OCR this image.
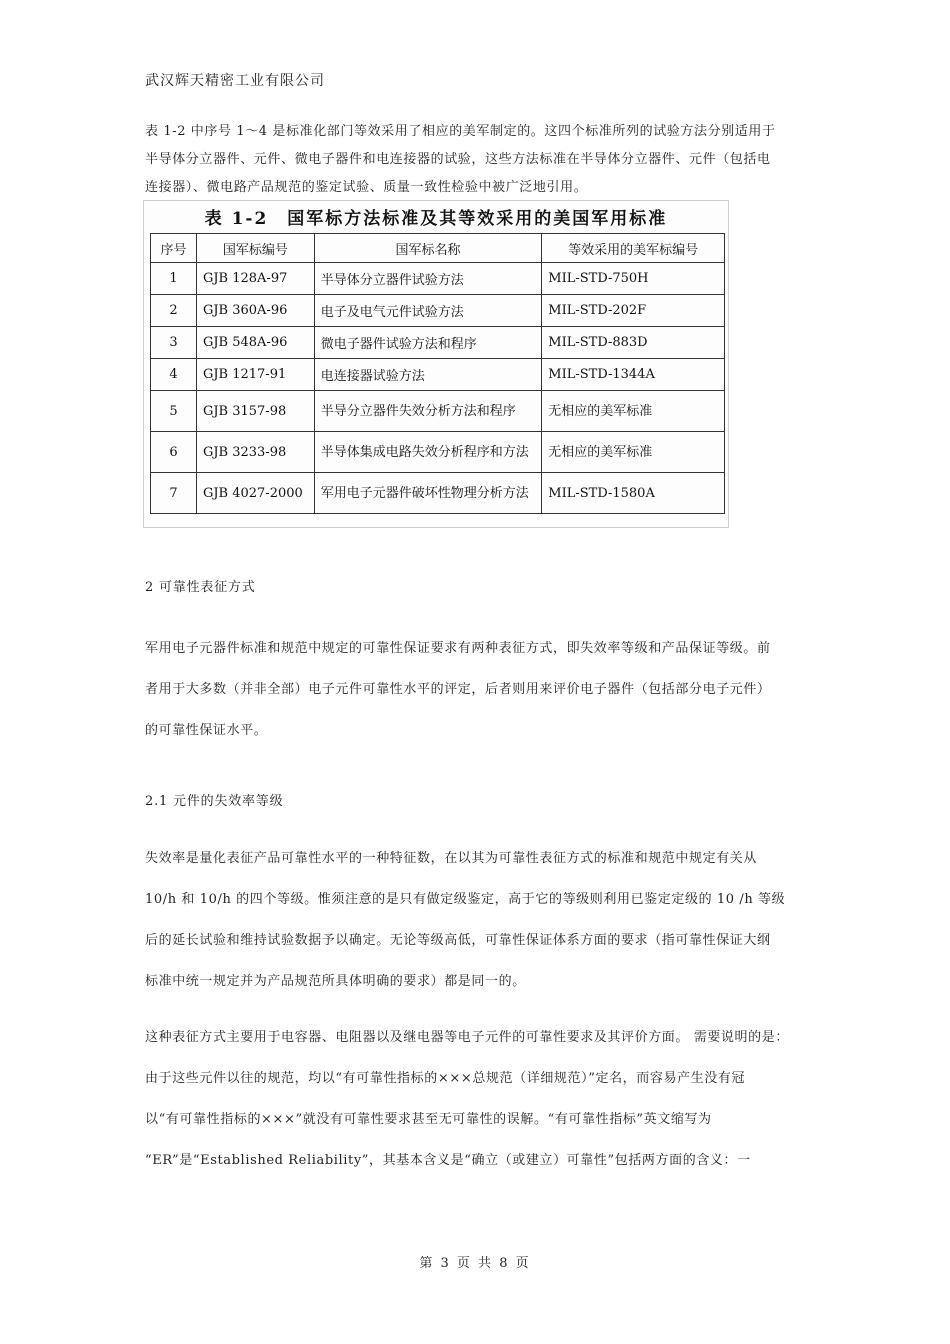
武汉辉天精密工业有限公司
表 1-2 中序号 1～4 是标准化部门等效采用了相应的美军制定的。这四个标准所列的试验方法分别适用于
半导体分立器件、元件、微电子器件和电连接器的试验，这些方法标准在半导体分立器件、元件（包括电
连接器）、微电路产品规范的鉴定试验、质量一致性检验中被广泛地引用。
表 1-2　国军标方法标准及其等效采用的美国军用标准
序号	国军标编号	国军标名称	等效采用的美军标编号
1	GJB 128A-97	半导体分立器件试验方法	MIL-STD-750H
2	GJB 360A-96	电子及电气元件试验方法	MIL-STD-202F
3	GJB 548A-96	微电子器件试验方法和程序	MIL-STD-883D
4	GJB 1217-91	电连接器试验方法	MIL-STD-1344A
5	GJB 3157-98	半导分立器件失效分析方法和程序	无相应的美军标准
6	GJB 3233-98	半导体集成电路失效分析程序和方法	无相应的美军标准
7	GJB 4027-2000	军用电子元器件破坏性物理分析方法	MIL-STD-1580A
2 可靠性表征方式
军用电子元器件标准和规范中规定的可靠性保证要求有两种表征方式，即失效率等级和产品保证等级。前
者用于大多数（并非全部）电子元件可靠性水平的评定，后者则用来评价电子器件（包括部分电子元件）
的可靠性保证水平。
2.1 元件的失效率等级
失效率是量化表征产品可靠性水平的一种特征数，在以其为可靠性表征方式的标准和规范中规定有关从
10/h 和 10/h 的四个等级。惟须注意的是只有做定级鉴定，高于它的等级则利用已鉴定定级的 10 /h 等级
后的延长试验和维持试验数据予以确定。无论等级高低，可靠性保证体系方面的要求（指可靠性保证大纲
标准中统一规定并为产品规范所具体明确的要求）都是同一的。
这种表征方式主要用于电容器、电阻器以及继电器等电子元件的可靠性要求及其评价方面。 需要说明的是：
由于这些元件以往的规范，均以“有可靠性指标的×××总规范（详细规范）”定名，而容易产生没有冠
以“有可靠性指标的×××”就没有可靠性要求甚至无可靠性的误解。“有可靠性指标”英文缩写为
“ER”是“Established Reliability”，其基本含义是“确立（或建立）可靠性”包括两方面的含义：一
第 3 页 共 8 页
